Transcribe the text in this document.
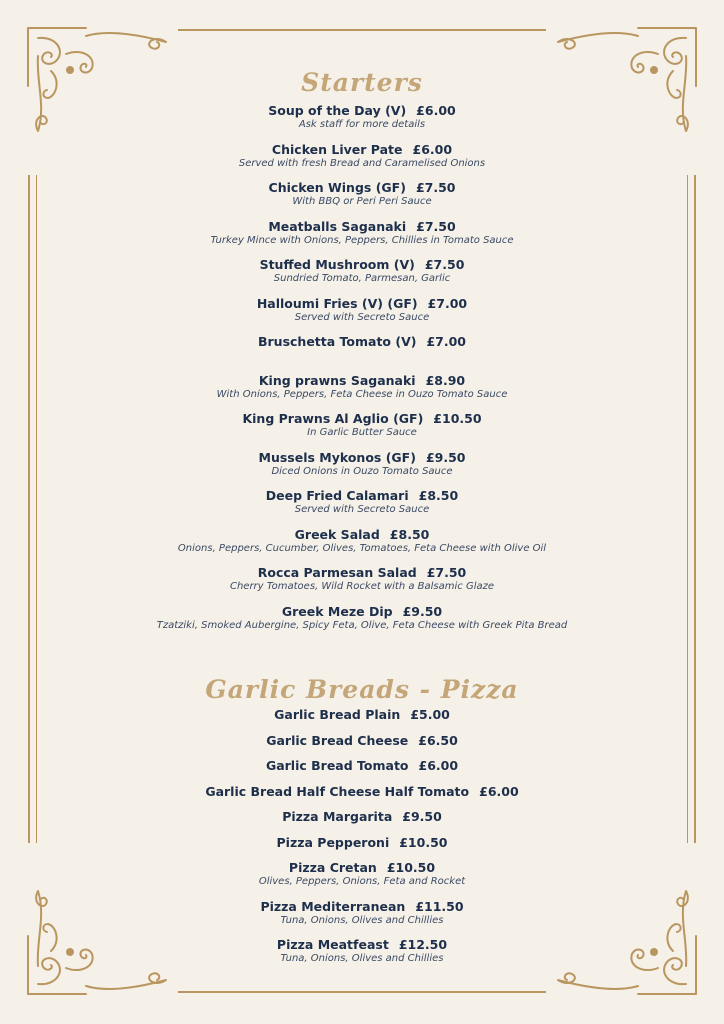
Starters
Soup of the Day (V) £6.00
Ask staff for more details
Chicken Liver Pate £6.00
Served with fresh Bread and Caramelised Onions
Chicken Wings (GF) £7.50
With BBQ or Peri Peri Sauce
Meatballs Saganaki £7.50
Turkey Mince with Onions, Peppers, Chillies in Tomato Sauce
Stuffed Mushroom (V) £7.50
Sundried Tomato, Parmesan, Garlic
Halloumi Fries (V) (GF) £7.00
Served with Secreto Sauce
Bruschetta Tomato (V) £7.00
King prawns Saganaki £8.90
With Onions, Peppers, Feta Cheese in Ouzo Tomato Sauce
King Prawns Al Aglio (GF) £10.50
In Garlic Butter Sauce
Mussels Mykonos (GF) £9.50
Diced Onions in Ouzo Tomato Sauce
Deep Fried Calamari £8.50
Served with Secreto Sauce
Greek Salad £8.50
Onions, Peppers, Cucumber, Olives, Tomatoes, Feta Cheese with Olive Oil
Rocca Parmesan Salad £7.50
Cherry Tomatoes, Wild Rocket with a Balsamic Glaze
Greek Meze Dip £9.50
Tzatziki, Smoked Aubergine, Spicy Feta, Olive, Feta Cheese with Greek Pita Bread
Garlic Breads - Pizza
Garlic Bread Plain £5.00
Garlic Bread Cheese £6.50
Garlic Bread Tomato £6.00
Garlic Bread Half Cheese Half Tomato £6.00
Pizza Margarita £9.50
Pizza Pepperoni £10.50
Pizza Cretan £10.50
Olives, Peppers, Onions, Feta and Rocket
Pizza Mediterranean £11.50
Tuna, Onions, Olives and Chillies
Pizza Meatfeast £12.50
Tuna, Onions, Olives and Chillies
